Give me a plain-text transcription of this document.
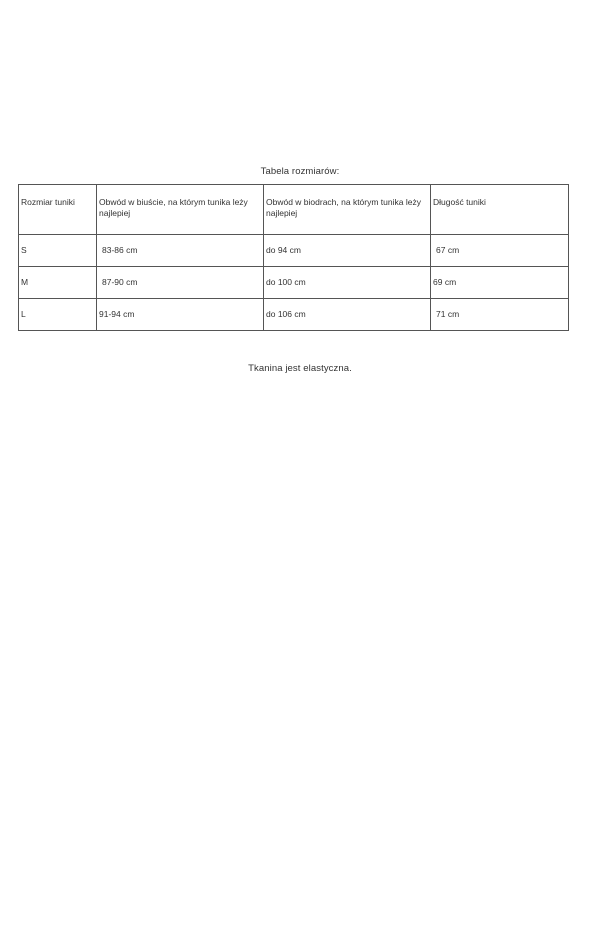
Tabela rozmiarów:
Rozmiar tuniki	Obwód w biuście, na którym tunika leży najlepiej	Obwód w biodrach, na którym tunika leży najlepiej	Długość tuniki
S	83-86 cm	do 94 cm	67 cm
M	87-90 cm	do 100 cm	69 cm
L	91-94 cm	do 106 cm	71 cm
Tkanina jest elastyczna.
